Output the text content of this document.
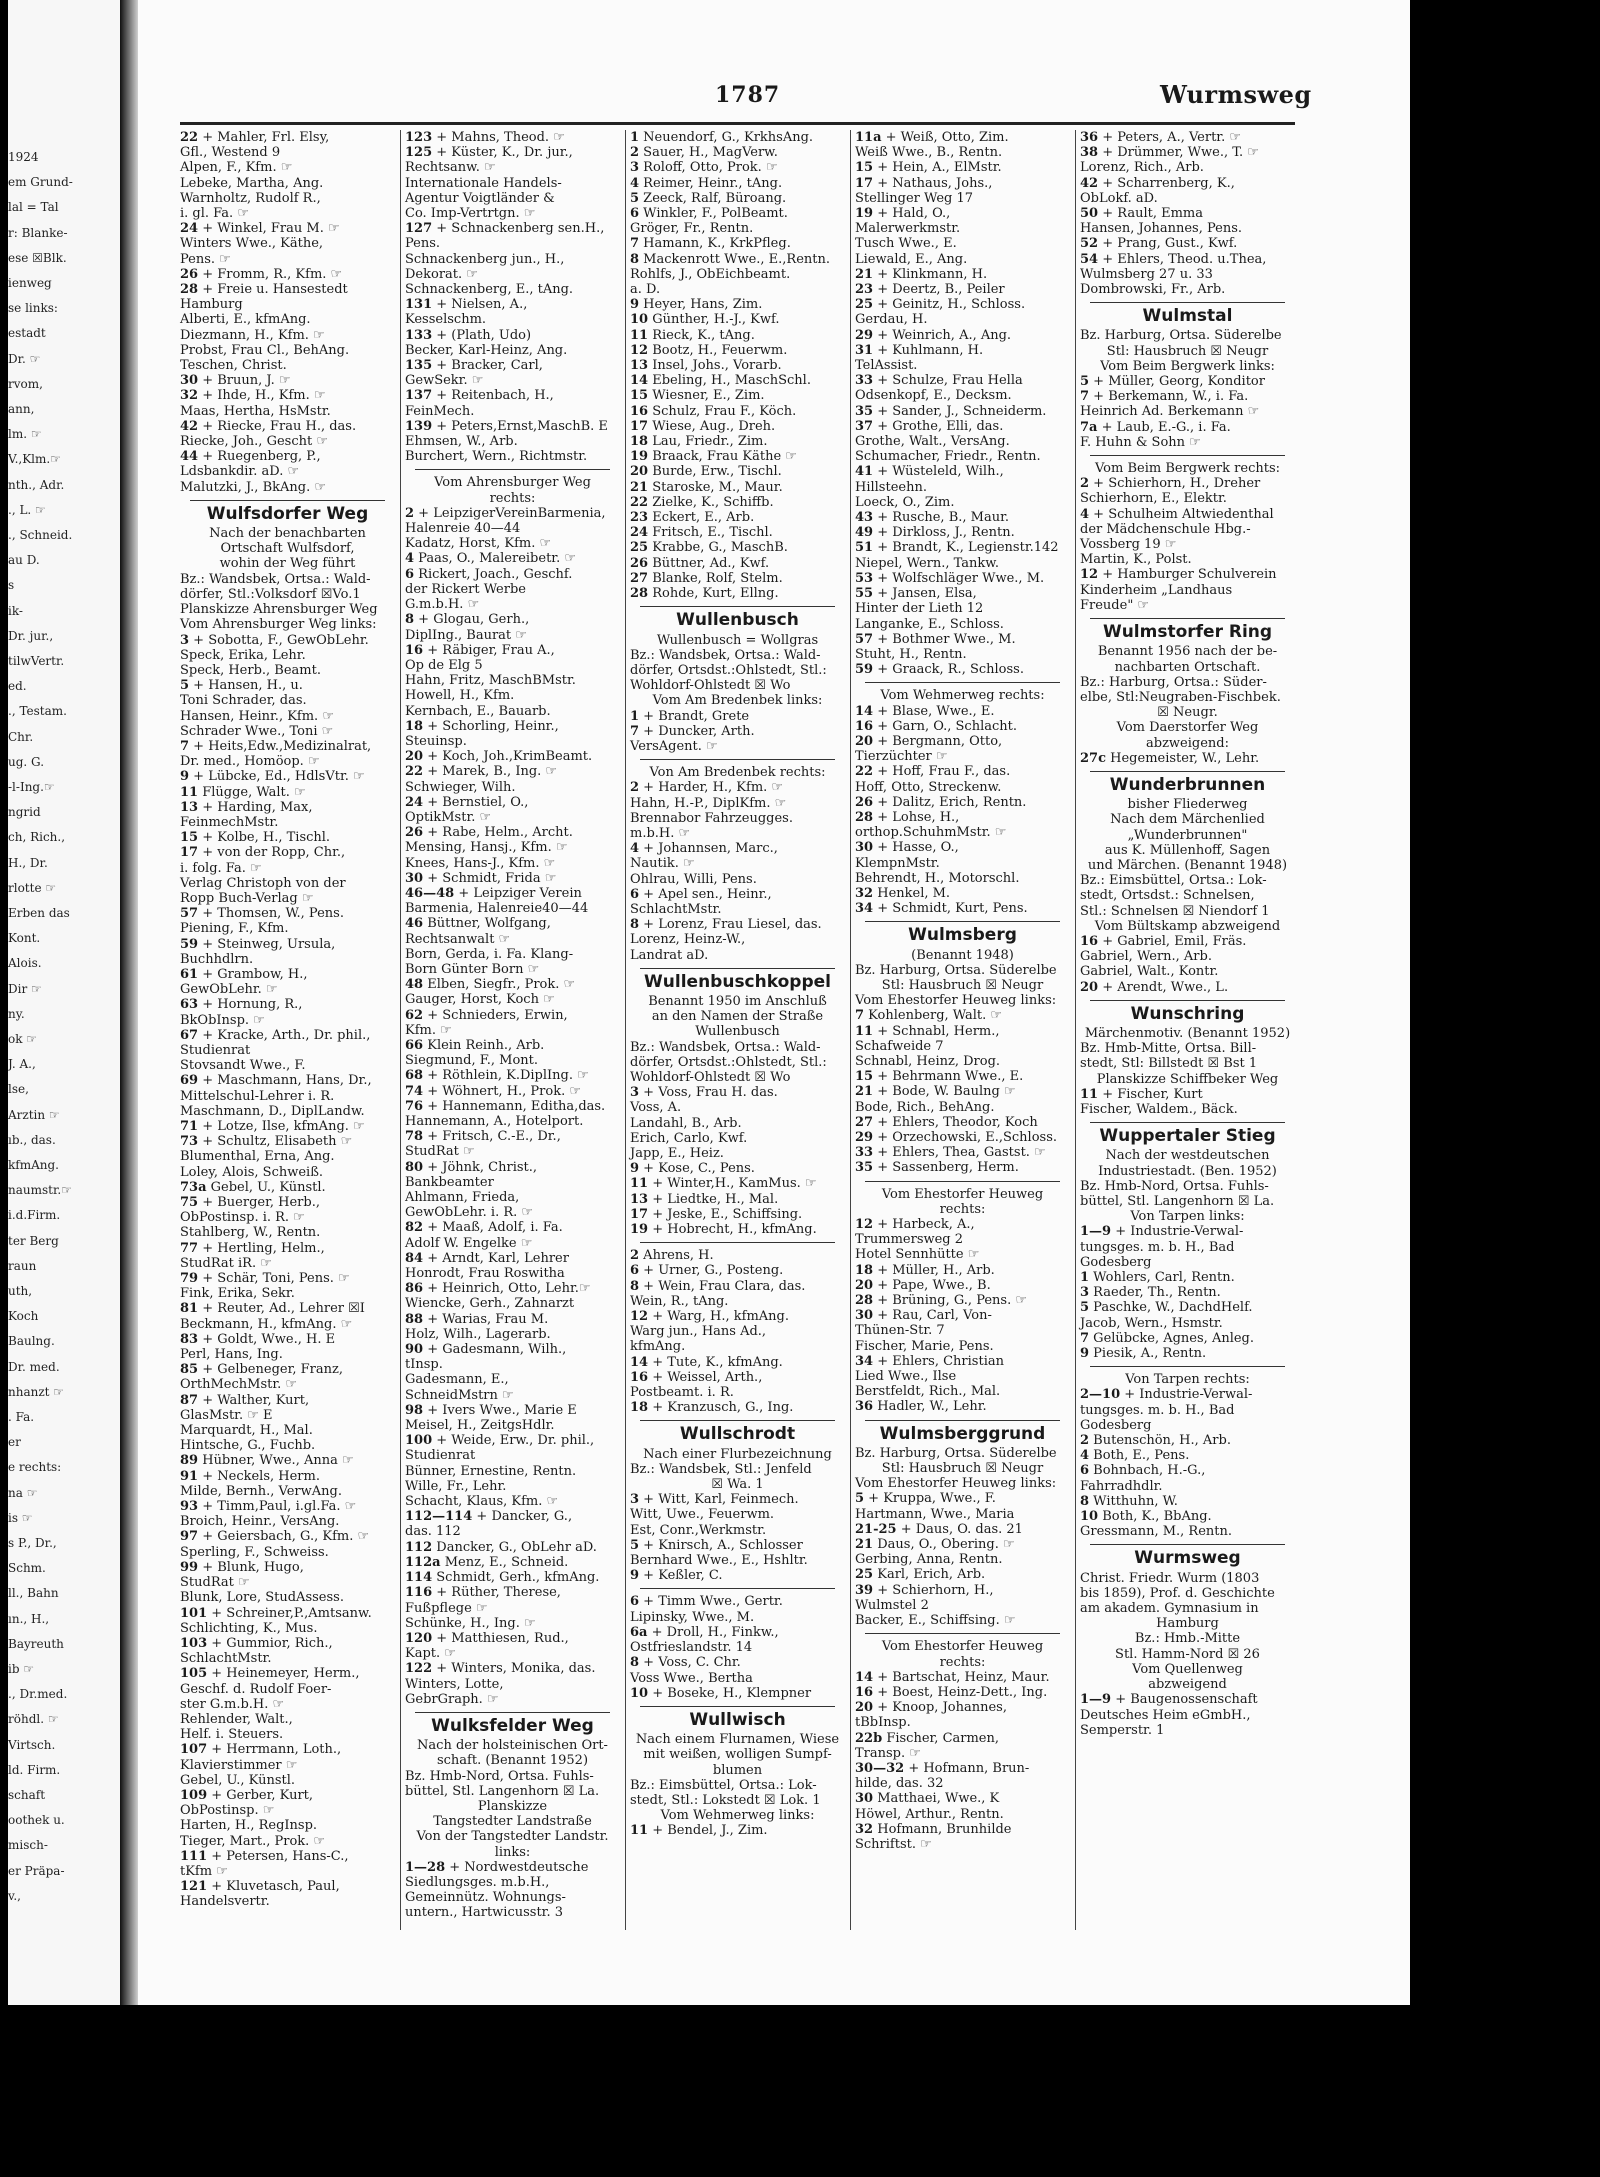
1924
em Grund-
lal = Tal
r: Blanke-
ese ☒Blk.
ienweg
se links:
estadt
Dr. ☞
rvom,
ann,
lm. ☞
V.,Klm.☞
nth., Adr.
., L. ☞
., Schneid.
au D.
s
ik-
Dr. jur.,
tilwVertr.
ed.
., Testam.
Chr.
ug. G.
-l-Ing.☞
ngrid
ch, Rich.,
H., Dr.
rlotte ☞
Erben das
Kont.
Alois.
Dir ☞
ny.
ok ☞
J. A.,
lse,
Arztin ☞
ıb., das.
kfmAng.
naumstr.☞
i.d.Firm.
ter Berg
raun
uth,
Koch
Baulng.
Dr. med.
nhanzt ☞
. Fa.
er
e rechts:
na ☞
is ☞
s P., Dr.,
Schm.
ll., Bahn
ın., H.,
Bayreuth
ib ☞
., Dr.med.
röhdl. ☞
Virtsch.
ld. Firm.
schaft
oothek u.
misch-
er Präpa-
v.,
1787	Wurmsweg
22 + Mahler, Frl. Elsy,
Gfl., Westend 9
Alpen, F., Kfm. ☞
Lebeke, Martha, Ang.
Warnholtz, Rudolf R.,
i. gl. Fa. ☞
24 + Winkel, Frau M. ☞
Winters Wwe., Käthe,
Pens. ☞
26 + Fromm, R., Kfm. ☞
28 + Freie u. Hansestedt
Hamburg
Alberti, E., kfmAng.
Diezmann, H., Kfm. ☞
Probst, Frau Cl., BehAng.
Teschen, Christ.
30 + Bruun, J. ☞
32 + Ihde, H., Kfm. ☞
Maas, Hertha, HsMstr.
42 + Riecke, Frau H., das.
Riecke, Joh., Gescht ☞
44 + Ruegenberg, P.,
Ldsbankdir. aD. ☞
Malutzki, J., BkAng. ☞
Wulfsdorfer Weg
Nach der benachbarten
Ortschaft Wulfsdorf,
wohin der Weg führt
Bz.: Wandsbek, Ortsa.: Wald-
dörfer, Stl.:Volksdorf ☒Vo.1
Planskizze Ahrensburger Weg
Vom Ahrensburger Weg links:
3 + Sobotta, F., GewObLehr.
Speck, Erika, Lehr.
Speck, Herb., Beamt.
5 + Hansen, H., u.
Toni Schrader, das.
Hansen, Heinr., Kfm. ☞
Schrader Wwe., Toni ☞
7 + Heits,Edw.,Medizinalrat,
Dr. med., Homöop. ☞
9 + Lübcke, Ed., HdlsVtr. ☞
11 Flügge, Walt. ☞
13 + Harding, Max,
FeinmechMstr.
15 + Kolbe, H., Tischl.
17 + von der Ropp, Chr.,
i. folg. Fa. ☞
Verlag Christoph von der
Ropp Buch-Verlag ☞
57 + Thomsen, W., Pens.
Piening, F., Kfm.
59 + Steinweg, Ursula,
Buchhdlrn.
61 + Grambow, H.,
GewObLehr. ☞
63 + Hornung, R.,
BkObInsp. ☞
67 + Kracke, Arth., Dr. phil.,
Studienrat
Stovsandt Wwe., F.
69 + Maschmann, Hans, Dr.,
Mittelschul-Lehrer i. R.
Maschmann, D., DiplLandw.
71 + Lotze, Ilse, kfmAng. ☞
73 + Schultz, Elisabeth ☞
Blumenthal, Erna, Ang.
Loley, Alois, Schweiß.
73a Gebel, U., Künstl.
75 + Buerger, Herb.,
ObPostinsp. i. R. ☞
Stahlberg, W., Rentn.
77 + Hertling, Helm.,
StudRat iR. ☞
79 + Schär, Toni, Pens. ☞
Fink, Erika, Sekr.
81 + Reuter, Ad., Lehrer ☒I
Beckmann, H., kfmAng. ☞
83 + Goldt, Wwe., H. E
Perl, Hans, Ing.
85 + Gelbeneger, Franz,
OrthMechMstr. ☞
87 + Walther, Kurt,
GlasMstr. ☞ E
Marquardt, H., Mal.
Hintsche, G., Fuchb.
89 Hübner, Wwe., Anna ☞
91 + Neckels, Herm.
Milde, Bernh., VerwAng.
93 + Timm,Paul, i.gl.Fa. ☞
Broich, Heinr., VersAng.
97 + Geiersbach, G., Kfm. ☞
Sperling, F., Schweiss.
99 + Blunk, Hugo,
StudRat ☞
Blunk, Lore, StudAssess.
101 + Schreiner,P.,Amtsanw.
Schlichting, K., Mus.
103 + Gummior, Rich.,
SchlachtMstr.
105 + Heinemeyer, Herm.,
Geschf. d. Rudolf Foer-
ster G.m.b.H. ☞
Rehlender, Walt.,
Helf. i. Steuers.
107 + Herrmann, Loth.,
Klavierstimmer ☞
Gebel, U., Künstl.
109 + Gerber, Kurt,
ObPostinsp. ☞
Harten, H., RegInsp.
Tieger, Mart., Prok. ☞
111 + Petersen, Hans-C.,
tKfm ☞
121 + Kluvetasch, Paul,
Handelsvertr.
123 + Mahns, Theod. ☞
125 + Küster, K., Dr. jur.,
Rechtsanw. ☞
Internationale Handels-
Agentur Voigtländer &
Co. Imp-Vertrtgn. ☞
127 + Schnackenberg sen.H.,
Pens.
Schnackenberg jun., H.,
Dekorat. ☞
Schnackenberg, E., tAng.
131 + Nielsen, A.,
Kesselschm.
133 + (Plath, Udo)
Becker, Karl-Heinz, Ang.
135 + Bracker, Carl,
GewSekr. ☞
137 + Reitenbach, H.,
FeinMech.
139 + Peters,Ernst,MaschB. E
Ehmsen, W., Arb.
Burchert, Wern., Richtmstr.
Vom Ahrensburger Weg
rechts:
2 + LeipzigerVereinBarmenia,
Halenreie 40—44
Kadatz, Horst, Kfm. ☞
4 Paas, O., Malereibetr. ☞
6 Rickert, Joach., Geschf.
der Rickert Werbe
G.m.b.H. ☞
8 + Glogau, Gerh.,
DiplIng., Baurat ☞
16 + Räbiger, Frau A.,
Op de Elg 5
Hahn, Fritz, MaschBMstr.
Howell, H., Kfm.
Kernbach, E., Bauarb.
18 + Schorling, Heinr.,
Steuinsp.
20 + Koch, Joh.,KrimBeamt.
22 + Marek, B., Ing. ☞
Schwieger, Wilh.
24 + Bernstiel, O.,
OptikMstr. ☞
26 + Rabe, Helm., Archt.
Mensing, Hansj., Kfm. ☞
Knees, Hans-J., Kfm. ☞
30 + Schmidt, Frida ☞
46—48 + Leipziger Verein
Barmenia, Halenreie40—44
46 Büttner, Wolfgang,
Rechtsanwalt ☞
Born, Gerda, i. Fa. Klang-
Born Günter Born ☞
48 Elben, Siegfr., Prok. ☞
Gauger, Horst, Koch ☞
62 + Schnieders, Erwin,
Kfm. ☞
66 Klein Reinh., Arb.
Siegmund, F., Mont.
68 + Röthlein, K.DiplIng. ☞
74 + Wöhnert, H., Prok. ☞
76 + Hannemann, Editha,das.
Hannemann, A., Hotelport.
78 + Fritsch, C.-E., Dr.,
StudRat ☞
80 + Jöhnk, Christ.,
Bankbeamter
Ahlmann, Frieda,
GewObLehr. i. R. ☞
82 + Maaß, Adolf, i. Fa.
Adolf W. Engelke ☞
84 + Arndt, Karl, Lehrer
Honrodt, Frau Roswitha
86 + Heinrich, Otto, Lehr.☞
Wiencke, Gerh., Zahnarzt
88 + Warias, Frau M.
Holz, Wilh., Lagerarb.
90 + Gadesmann, Wilh.,
tInsp.
Gadesmann, E.,
SchneidMstrn ☞
98 + Ivers Wwe., Marie E
Meisel, H., ZeitgsHdlr.
100 + Weide, Erw., Dr. phil.,
Studienrat
Bünner, Ernestine, Rentn.
Wille, Fr., Lehr.
Schacht, Klaus, Kfm. ☞
112—114 + Dancker, G.,
das. 112
112 Dancker, G., ObLehr aD.
112a Menz, E., Schneid.
114 Schmidt, Gerh., kfmAng.
116 + Rüther, Therese,
Fußpflege ☞
Schünke, H., Ing. ☞
120 + Matthiesen, Rud.,
Kapt. ☞
122 + Winters, Monika, das.
Winters, Lotte,
GebrGraph. ☞
Wulksfelder Weg
Nach der holsteinischen Ort-
schaft. (Benannt 1952)
Bz. Hmb-Nord, Ortsa. Fuhls-
büttel, Stl. Langenhorn ☒ La.
Planskizze
Tangstedter Landstraße
Von der Tangstedter Landstr.
links:
1—28 + Nordwestdeutsche
Siedlungsges. m.b.H.,
Gemeinnütz. Wohnungs-
untern., Hartwicusstr. 3
1 Neuendorf, G., KrkhsAng.
2 Sauer, H., MagVerw.
3 Roloff, Otto, Prok. ☞
4 Reimer, Heinr., tAng.
5 Zeeck, Ralf, Büroang.
6 Winkler, F., PolBeamt.
Gröger, Fr., Rentn.
7 Hamann, K., KrkPfleg.
8 Mackenrott Wwe., E.,Rentn.
Rohlfs, J., ObEichbeamt.
a. D.
9 Heyer, Hans, Zim.
10 Günther, H.-J., Kwf.
11 Rieck, K., tAng.
12 Bootz, H., Feuerwm.
13 Insel, Johs., Vorarb.
14 Ebeling, H., MaschSchl.
15 Wiesner, E., Zim.
16 Schulz, Frau F., Köch.
17 Wiese, Aug., Dreh.
18 Lau, Friedr., Zim.
19 Braack, Frau Käthe ☞
20 Burde, Erw., Tischl.
21 Staroske, M., Maur.
22 Zielke, K., Schiffb.
23 Eckert, E., Arb.
24 Fritsch, E., Tischl.
25 Krabbe, G., MaschB.
26 Büttner, Ad., Kwf.
27 Blanke, Rolf, Stelm.
28 Rohde, Kurt, Ellng.
Wullenbusch
Wullenbusch = Wollgras
Bz.: Wandsbek, Ortsa.: Wald-
dörfer, Ortsdst.:Ohlstedt, Stl.:
Wohldorf-Ohlstedt ☒ Wo
Vom Am Bredenbek links:
1 + Brandt, Grete
7 + Duncker, Arth.
VersAgent. ☞
Von Am Bredenbek rechts:
2 + Harder, H., Kfm. ☞
Hahn, H.-P., DiplKfm. ☞
Brennabor Fahrzeugges.
m.b.H. ☞
4 + Johannsen, Marc.,
Nautik. ☞
Ohlrau, Willi, Pens.
6 + Apel sen., Heinr.,
SchlachtMstr.
8 + Lorenz, Frau Liesel, das.
Lorenz, Heinz-W.,
Landrat aD.
Wullenbuschkoppel
Benannt 1950 im Anschluß
an den Namen der Straße
Wullenbusch
Bz.: Wandsbek, Ortsa.: Wald-
dörfer, Ortsdst.:Ohlstedt, Stl.:
Wohldorf-Ohlstedt ☒ Wo
3 + Voss, Frau H. das.
Voss, A.
Landahl, B., Arb.
Erich, Carlo, Kwf.
Japp, E., Heiz.
9 + Kose, C., Pens.
11 + Winter,H., KamMus. ☞
13 + Liedtke, H., Mal.
17 + Jeske, E., Schiffsing.
19 + Hobrecht, H., kfmAng.
2 Ahrens, H.
6 + Urner, G., Posteng.
8 + Wein, Frau Clara, das.
Wein, R., tAng.
12 + Warg, H., kfmAng.
Warg jun., Hans Ad.,
kfmAng.
14 + Tute, K., kfmAng.
16 + Weissel, Arth.,
Postbeamt. i. R.
18 + Kranzusch, G., Ing.
Wullschrodt
Nach einer Flurbezeichnung
Bz.: Wandsbek, Stl.: Jenfeld
☒ Wa. 1
3 + Witt, Karl, Feinmech.
Witt, Uwe., Feuerwm.
Est, Conr.,Werkmstr.
5 + Knirsch, A., Schlosser
Bernhard Wwe., E., Hshltr.
9 + Keßler, C.
6 + Timm Wwe., Gertr.
Lipinsky, Wwe., M.
6a + Droll, H., Finkw.,
Ostfrieslandstr. 14
8 + Voss, C. Chr.
Voss Wwe., Bertha
10 + Boseke, H., Klempner
Wullwisch
Nach einem Flurnamen, Wiese
mit weißen, wolligen Sumpf-
blumen
Bz.: Eimsbüttel, Ortsa.: Lok-
stedt, Stl.: Lokstedt ☒ Lok. 1
Vom Wehmerweg links:
11 + Bendel, J., Zim.
11a + Weiß, Otto, Zim.
Weiß Wwe., B., Rentn.
15 + Hein, A., ElMstr.
17 + Nathaus, Johs.,
Stellinger Weg 17
19 + Hald, O.,
Malerwerkmstr.
Tusch Wwe., E.
Liewald, E., Ang.
21 + Klinkmann, H.
23 + Deertz, B., Peiler
25 + Geinitz, H., Schloss.
Gerdau, H.
29 + Weinrich, A., Ang.
31 + Kuhlmann, H.
TelAssist.
33 + Schulze, Frau Hella
Odsenkopf, E., Decksm.
35 + Sander, J., Schneiderm.
37 + Grothe, Elli, das.
Grothe, Walt., VersAng.
Schumacher, Friedr., Rentn.
41 + Wüsteleld, Wilh.,
Hillsteehn.
Loeck, O., Zim.
43 + Rusche, B., Maur.
49 + Dirkloss, J., Rentn.
51 + Brandt, K., Legienstr.142
Niepel, Wern., Tankw.
53 + Wolfschläger Wwe., M.
55 + Jansen, Elsa,
Hinter der Lieth 12
Langanke, E., Schloss.
57 + Bothmer Wwe., M.
Stuht, H., Rentn.
59 + Graack, R., Schloss.
Vom Wehmerweg rechts:
14 + Blase, Wwe., E.
16 + Garn, O., Schlacht.
20 + Bergmann, Otto,
Tierzüchter ☞
22 + Hoff, Frau F., das.
Hoff, Otto, Streckenw.
26 + Dalitz, Erich, Rentn.
28 + Lohse, H.,
orthop.SchuhmMstr. ☞
30 + Hasse, O.,
KlempnMstr.
Behrendt, H., Motorschl.
32 Henkel, M.
34 + Schmidt, Kurt, Pens.
Wulmsberg
(Benannt 1948)
Bz. Harburg, Ortsa. Süderelbe
Stl: Hausbruch ☒ Neugr
Vom Ehestorfer Heuweg links:
7 Kohlenberg, Walt. ☞
11 + Schnabl, Herm.,
Schafweide 7
Schnabl, Heinz, Drog.
15 + Behrmann Wwe., E.
21 + Bode, W. Baulng ☞
Bode, Rich., BehAng.
27 + Ehlers, Theodor, Koch
29 + Orzechowski, E.,Schloss.
33 + Ehlers, Thea, Gastst. ☞
35 + Sassenberg, Herm.
Vom Ehestorfer Heuweg
rechts:
12 + Harbeck, A.,
Trummersweg 2
Hotel Sennhütte ☞
18 + Müller, H., Arb.
20 + Pape, Wwe., B.
28 + Brüning, G., Pens. ☞
30 + Rau, Carl, Von-
Thünen-Str. 7
Fischer, Marie, Pens.
34 + Ehlers, Christian
Lied Wwe., Ilse
Berstfeldt, Rich., Mal.
36 Hadler, W., Lehr.
Wulmsberggrund
Bz. Harburg, Ortsa. Süderelbe
Stl: Hausbruch ☒ Neugr
Vom Ehestorfer Heuweg links:
5 + Kruppa, Wwe., F.
Hartmann, Wwe., Maria
21-25 + Daus, O. das. 21
21 Daus, O., Obering. ☞
Gerbing, Anna, Rentn.
25 Karl, Erich, Arb.
39 + Schierhorn, H.,
Wulmstel 2
Backer, E., Schiffsing. ☞
Vom Ehestorfer Heuweg
rechts:
14 + Bartschat, Heinz, Maur.
16 + Boest, Heinz-Dett., Ing.
20 + Knoop, Johannes,
tBbInsp.
22b Fischer, Carmen,
Transp. ☞
30—32 + Hofmann, Brun-
hilde, das. 32
30 Matthaei, Wwe., K
Höwel, Arthur., Rentn.
32 Hofmann, Brunhilde
Schriftst. ☞
36 + Peters, A., Vertr. ☞
38 + Drümmer, Wwe., T. ☞
Lorenz, Rich., Arb.
42 + Scharrenberg, K.,
ObLokf. aD.
50 + Rault, Emma
Hansen, Johannes, Pens.
52 + Prang, Gust., Kwf.
54 + Ehlers, Theod. u.Thea,
Wulmsberg 27 u. 33
Dombrowski, Fr., Arb.
Wulmstal
Bz. Harburg, Ortsa. Süderelbe
Stl: Hausbruch ☒ Neugr
Vom Beim Bergwerk links:
5 + Müller, Georg, Konditor
7 + Berkemann, W., i. Fa.
Heinrich Ad. Berkemann ☞
7a + Laub, E.-G., i. Fa.
F. Huhn & Sohn ☞
Vom Beim Bergwerk rechts:
2 + Schierhorn, H., Dreher
Schierhorn, E., Elektr.
4 + Schulheim Altwiedenthal
der Mädchenschule Hbg.-
Vossberg 19 ☞
Martin, K., Polst.
12 + Hamburger Schulverein
Kinderheim „Landhaus
Freude" ☞
Wulmstorfer Ring
Benannt 1956 nach der be-
nachbarten Ortschaft.
Bz.: Harburg, Ortsa.: Süder-
elbe, Stl:Neugraben-Fischbek.
☒ Neugr.
Vom Daerstorfer Weg
abzweigend:
27c Hegemeister, W., Lehr.
Wunderbrunnen
bisher Fliederweg
Nach dem Märchenlied
„Wunderbrunnen"
aus K. Müllenhoff, Sagen
und Märchen. (Benannt 1948)
Bz.: Eimsbüttel, Ortsa.: Lok-
stedt, Ortsdst.: Schnelsen,
Stl.: Schnelsen ☒ Niendorf 1
Vom Bültskamp abzweigend
16 + Gabriel, Emil, Fräs.
Gabriel, Wern., Arb.
Gabriel, Walt., Kontr.
20 + Arendt, Wwe., L.
Wunschring
Märchenmotiv. (Benannt 1952)
Bz. Hmb-Mitte, Ortsa. Bill-
stedt, Stl: Billstedt ☒ Bst 1
Planskizze Schiffbeker Weg
11 + Fischer, Kurt
Fischer, Waldem., Bäck.
Wuppertaler Stieg
Nach der westdeutschen
Industriestadt. (Ben. 1952)
Bz. Hmb-Nord, Ortsa. Fuhls-
büttel, Stl. Langenhorn ☒ La.
Von Tarpen links:
1—9 + Industrie-Verwal-
tungsges. m. b. H., Bad
Godesberg
1 Wohlers, Carl, Rentn.
3 Raeder, Th., Rentn.
5 Paschke, W., DachdHelf.
Jacob, Wern., Hsmstr.
7 Gelübcke, Agnes, Anleg.
9 Piesik, A., Rentn.
Von Tarpen rechts:
2—10 + Industrie-Verwal-
tungsges. m. b. H., Bad
Godesberg
2 Butenschön, H., Arb.
4 Both, E., Pens.
6 Bohnbach, H.-G.,
Fahrradhdlr.
8 Witthuhn, W.
10 Both, K., BbAng.
Gressmann, M., Rentn.
Wurmsweg
Christ. Friedr. Wurm (1803
bis 1859), Prof. d. Geschichte
am akadem. Gymnasium in
Hamburg
Bz.: Hmb.-Mitte
Stl. Hamm-Nord ☒ 26
Vom Quellenweg
abzweigend
1—9 + Baugenossenschaft
Deutsches Heim eGmbH.,
Semperstr. 1
